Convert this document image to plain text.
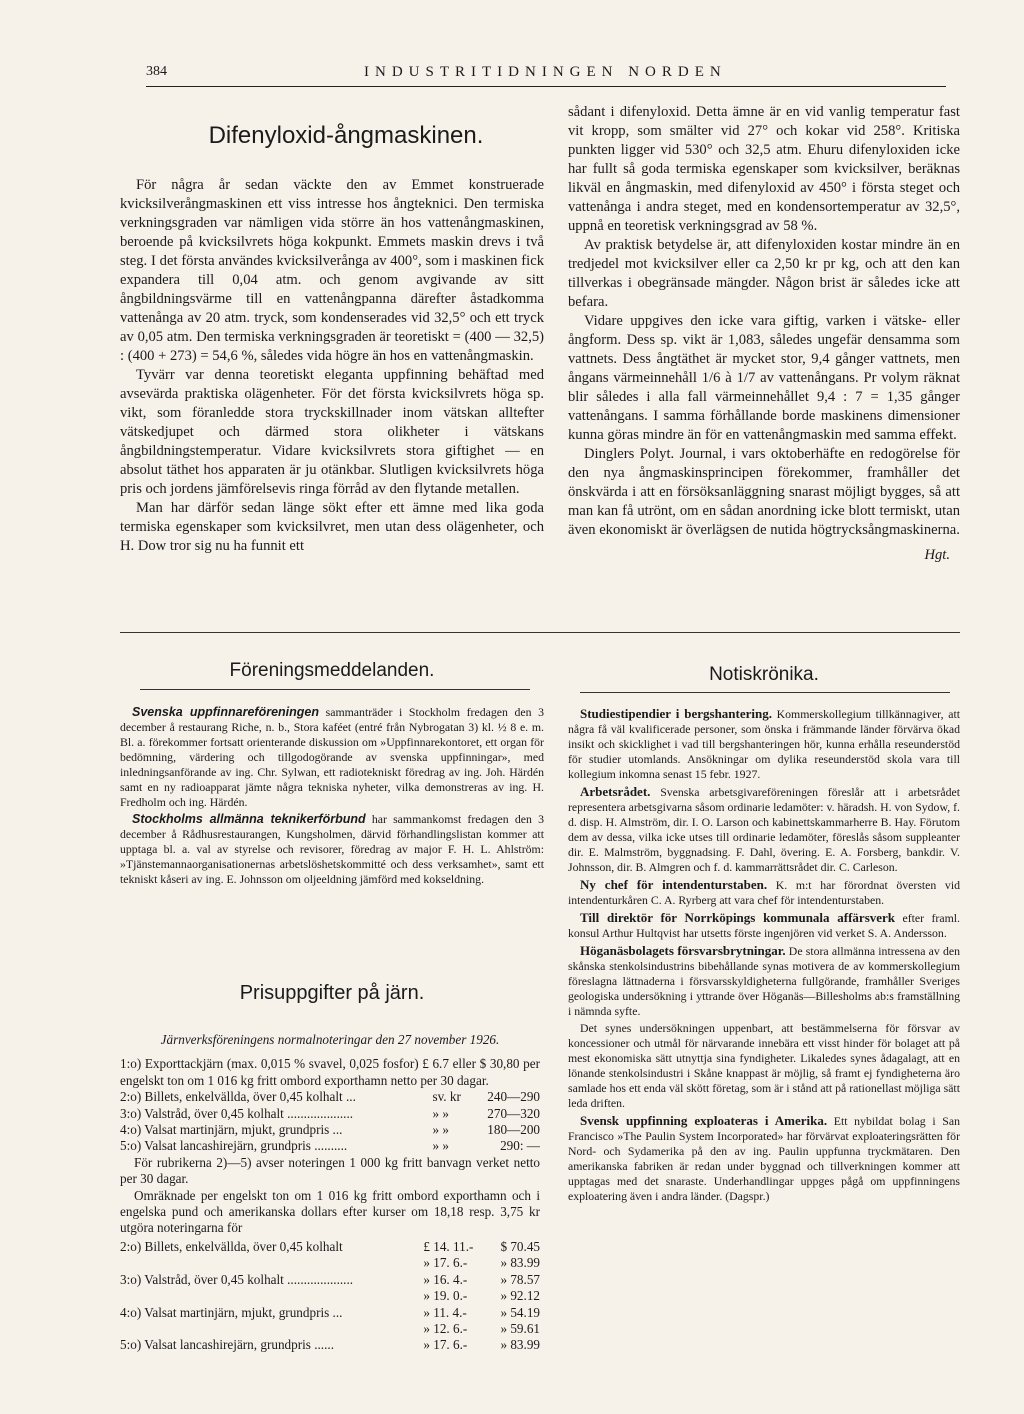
384	INDUSTRITIDNINGEN NORDEN
Difenyloxid-ångmaskinen.

För några år sedan väckte den av Emmet konstruerade kvicksilverångmaskinen ett viss intresse hos ångteknici. Den termiska verkningsgraden var nämligen vida större än hos vattenångmaskinen, beroende på kvicksilvrets höga kokpunkt. Emmets maskin drevs i två steg. I det första användes kvicksilverånga av 400°, som i maskinen fick expandera till 0,04 atm. och genom avgivande av sitt ångbildningsvärme till en vattenångpanna därefter åstadkomma vattenånga av 20 atm. tryck, som kondenserades vid 32,5° och ett tryck av 0,05 atm. Den termiska verkningsgraden är teoretiskt = (400 — 32,5) : (400 + 273) = 54,6 %, således vida högre än hos en vattenångmaskin.

Tyvärr var denna teoretiskt eleganta uppfinning behäftad med avsevärda praktiska olägenheter. För det första kvicksilvrets höga sp. vikt, som föranledde stora tryckskillnader inom vätskan alltefter vätskedjupet och därmed stora olikheter i vätskans ångbildningstemperatur. Vidare kvicksilvrets stora giftighet — en absolut täthet hos apparaten är ju otänkbar. Slutligen kvicksilvrets höga pris och jordens jämförelsevis ringa förråd av den flytande metallen.

Man har därför sedan länge sökt efter ett ämne med lika goda termiska egenskaper som kvicksilvret, men utan dess olägenheter, och H. Dow tror sig nu ha funnit ett

sådant i difenyloxid. Detta ämne är en vid vanlig temperatur fast vit kropp, som smälter vid 27° och kokar vid 258°. Kritiska punkten ligger vid 530° och 32,5 atm. Ehuru difenyloxiden icke har fullt så goda termiska egenskaper som kvicksilver, beräknas likväl en ångmaskin, med difenyloxid av 450° i första steget och vattenånga i andra steget, med en kondensortemperatur av 32,5°, uppnå en teoretisk verkningsgrad av 58 %.

Av praktisk betydelse är, att difenyloxiden kostar mindre än en tredjedel mot kvicksilver eller ca 2,50 kr pr kg, och att den kan tillverkas i obegränsade mängder. Någon brist är således icke att befara.

Vidare uppgives den icke vara giftig, varken i vätske- eller ångform. Dess sp. vikt är 1,083, således ungefär densamma som vattnets. Dess ångtäthet är mycket stor, 9,4 gånger vattnets, men ångans värmeinnehåll 1/6 à 1/7 av vattenångans. Pr volym räknat blir således i alla fall värmeinnehållet 9,4 : 7 = 1,35 gånger vattenångans. I samma förhållande borde maskinens dimensioner kunna göras mindre än för en vattenångmaskin med samma effekt.

Dinglers Polyt. Journal, i vars oktoberhäfte en redogörelse för den nya ångmaskinsprincipen förekommer, framhåller det önskvärda i att en försöksanläggning snarast möjligt bygges, så att man kan få utrönt, om en sådan anordning icke blott termiskt, utan även ekonomiskt är överlägsen de nutida högtrycksångmaskinerna.

Hgt.
Föreningsmeddelanden.

Svenska uppfinnareföreningen sammanträder i Stockholm fredagen den 3 december å restaurang Riche, n. b., Stora kaféet (entré från Nybrogatan 3) kl. ½ 8 e. m. Bl. a. förekommer fortsatt orienterande diskussion om »Uppfinnarekontoret, ett organ för bedömning, värdering och tillgodogörande av svenska uppfinningar», med inledningsanförande av ing. Chr. Sylwan, ett radiotekniskt föredrag av ing. Joh. Härdén samt en ny radioapparat jämte några tekniska nyheter, vilka demonstreras av ing. H. Fredholm och ing. Härdén.

Stockholms allmänna teknikerförbund har sammankomst fredagen den 3 december å Rådhusrestaurangen, Kungsholmen, därvid förhandlingslistan kommer att upptaga bl. a. val av styrelse och revisorer, föredrag av major F. H. L. Ahlström: »Tjänstemannaorganisationernas arbetslöshetskommitté och dess verksamhet», samt ett tekniskt kåseri av ing. E. Johnsson om oljeeldning jämförd med kokseldning.

Prisuppgifter på järn.
Järnverksföreningens normalnoteringar den 27 november 1926.
1:o) Exporttackjärn (max. 0,015 % svavel, 0,025 fosfor) £ 6.7 eller $ 30,80 per engelskt ton om 1 016 kg fritt ombord exporthamn netto per 30 dagar.
2:o) Billets, enkelvällda, över 0,45 kolhalt ...	sv. kr	240—290
3:o) Valstråd, över 0,45 kolhalt ....................	» »	270—320
4:o) Valsat martinjärn, mjukt, grundpris ...	» »	180—200
5:o) Valsat lancashirejärn, grundpris ..........	» »	290: —

För rubrikerna 2)—5) avser noteringen 1 000 kg fritt banvagn verket netto per 30 dagar.

Omräknade per engelskt ton om 1 016 kg fritt ombord exporthamn och i engelska pund och amerikanska dollars efter kurser om 18,18 resp. 3,75 kr utgöra noteringarna för

2:o) Billets, enkelvällda, över 0,45 kolhalt	£ 14. 11.-	$ 70.45
	» 17. 6.-	» 83.99
3:o) Valstråd, över 0,45 kolhalt ....................	» 16. 4.-	» 78.57
	» 19. 0.-	» 92.12
4:o) Valsat martinjärn, mjukt, grundpris ...	» 11. 4.-	» 54.19
	» 12. 6.-	» 59.61
5:o) Valsat lancashirejärn, grundpris ......	» 17. 6.-	» 83.99
Notiskrönika.

Studiestipendier i bergshantering. Kommerskollegium tillkännagiver, att några få väl kvalificerade personer, som önska i främmande länder förvärva ökad insikt och skicklighet i vad till bergshanteringen hör, kunna erhålla reseunderstöd för studier utomlands. Ansökningar om dylika reseunderstöd skola vara till kollegium inkomna senast 15 febr. 1927.

Arbetsrådet. Svenska arbetsgivareföreningen föreslår att i arbetsrådet representera arbetsgivarna såsom ordinarie ledamöter: v. häradsh. H. von Sydow, f. d. disp. H. Almström, dir. I. O. Larson och kabinettskammarherre B. Hay. Förutom dem av dessa, vilka icke utses till ordinarie ledamöter, föreslås såsom suppleanter dir. E. Malmström, byggnadsing. F. Dahl, övering. E. A. Forsberg, bankdir. V. Johnsson, dir. B. Almgren och f. d. kammarrättsrådet dir. C. Carleson.

Ny chef för intendenturstaben. K. m:t har förordnat översten vid intendenturkåren C. A. Ryrberg att vara chef för intendenturstaben.

Till direktör för Norrköpings kommunala affärsverk efter framl. konsul Arthur Hultqvist har utsetts förste ingenjören vid verket S. A. Andersson.

Höganäsbolagets försvarsbrytningar. De stora allmänna intressena av den skånska stenkolsindustrins bibehållande synas motivera de av kommerskollegium föreslagna lättnaderna i försvarsskyldigheterna fullgörande, framhåller Sveriges geologiska undersökning i yttrande över Höganäs—Billesholms ab:s framställning i nämnda syfte.

Det synes undersökningen uppenbart, att bestämmelserna för försvar av koncessioner och utmål för närvarande innebära ett visst hinder för bolaget att på mest ekonomiska sätt utnyttja sina fyndigheter. Likaledes synes ådagalagt, att en lönande stenkolsindustri i Skåne knappast är möjlig, så framt ej fyndigheterna äro samlade hos ett enda väl skött företag, som är i stånd att på rationellast möjliga sätt leda driften.

Svensk uppfinning exploateras i Amerika. Ett nybildat bolag i San Francisco »The Paulin System Incorporated» har förvärvat exploateringsrätten för Nord- och Sydamerika på den av ing. Paulin uppfunna tryckmätaren. Den amerikanska fabriken är redan under byggnad och tillverkningen kommer att upptagas med det snaraste. Underhandlingar uppges pågå om uppfinningens exploatering även i andra länder. (Dagspr.)
